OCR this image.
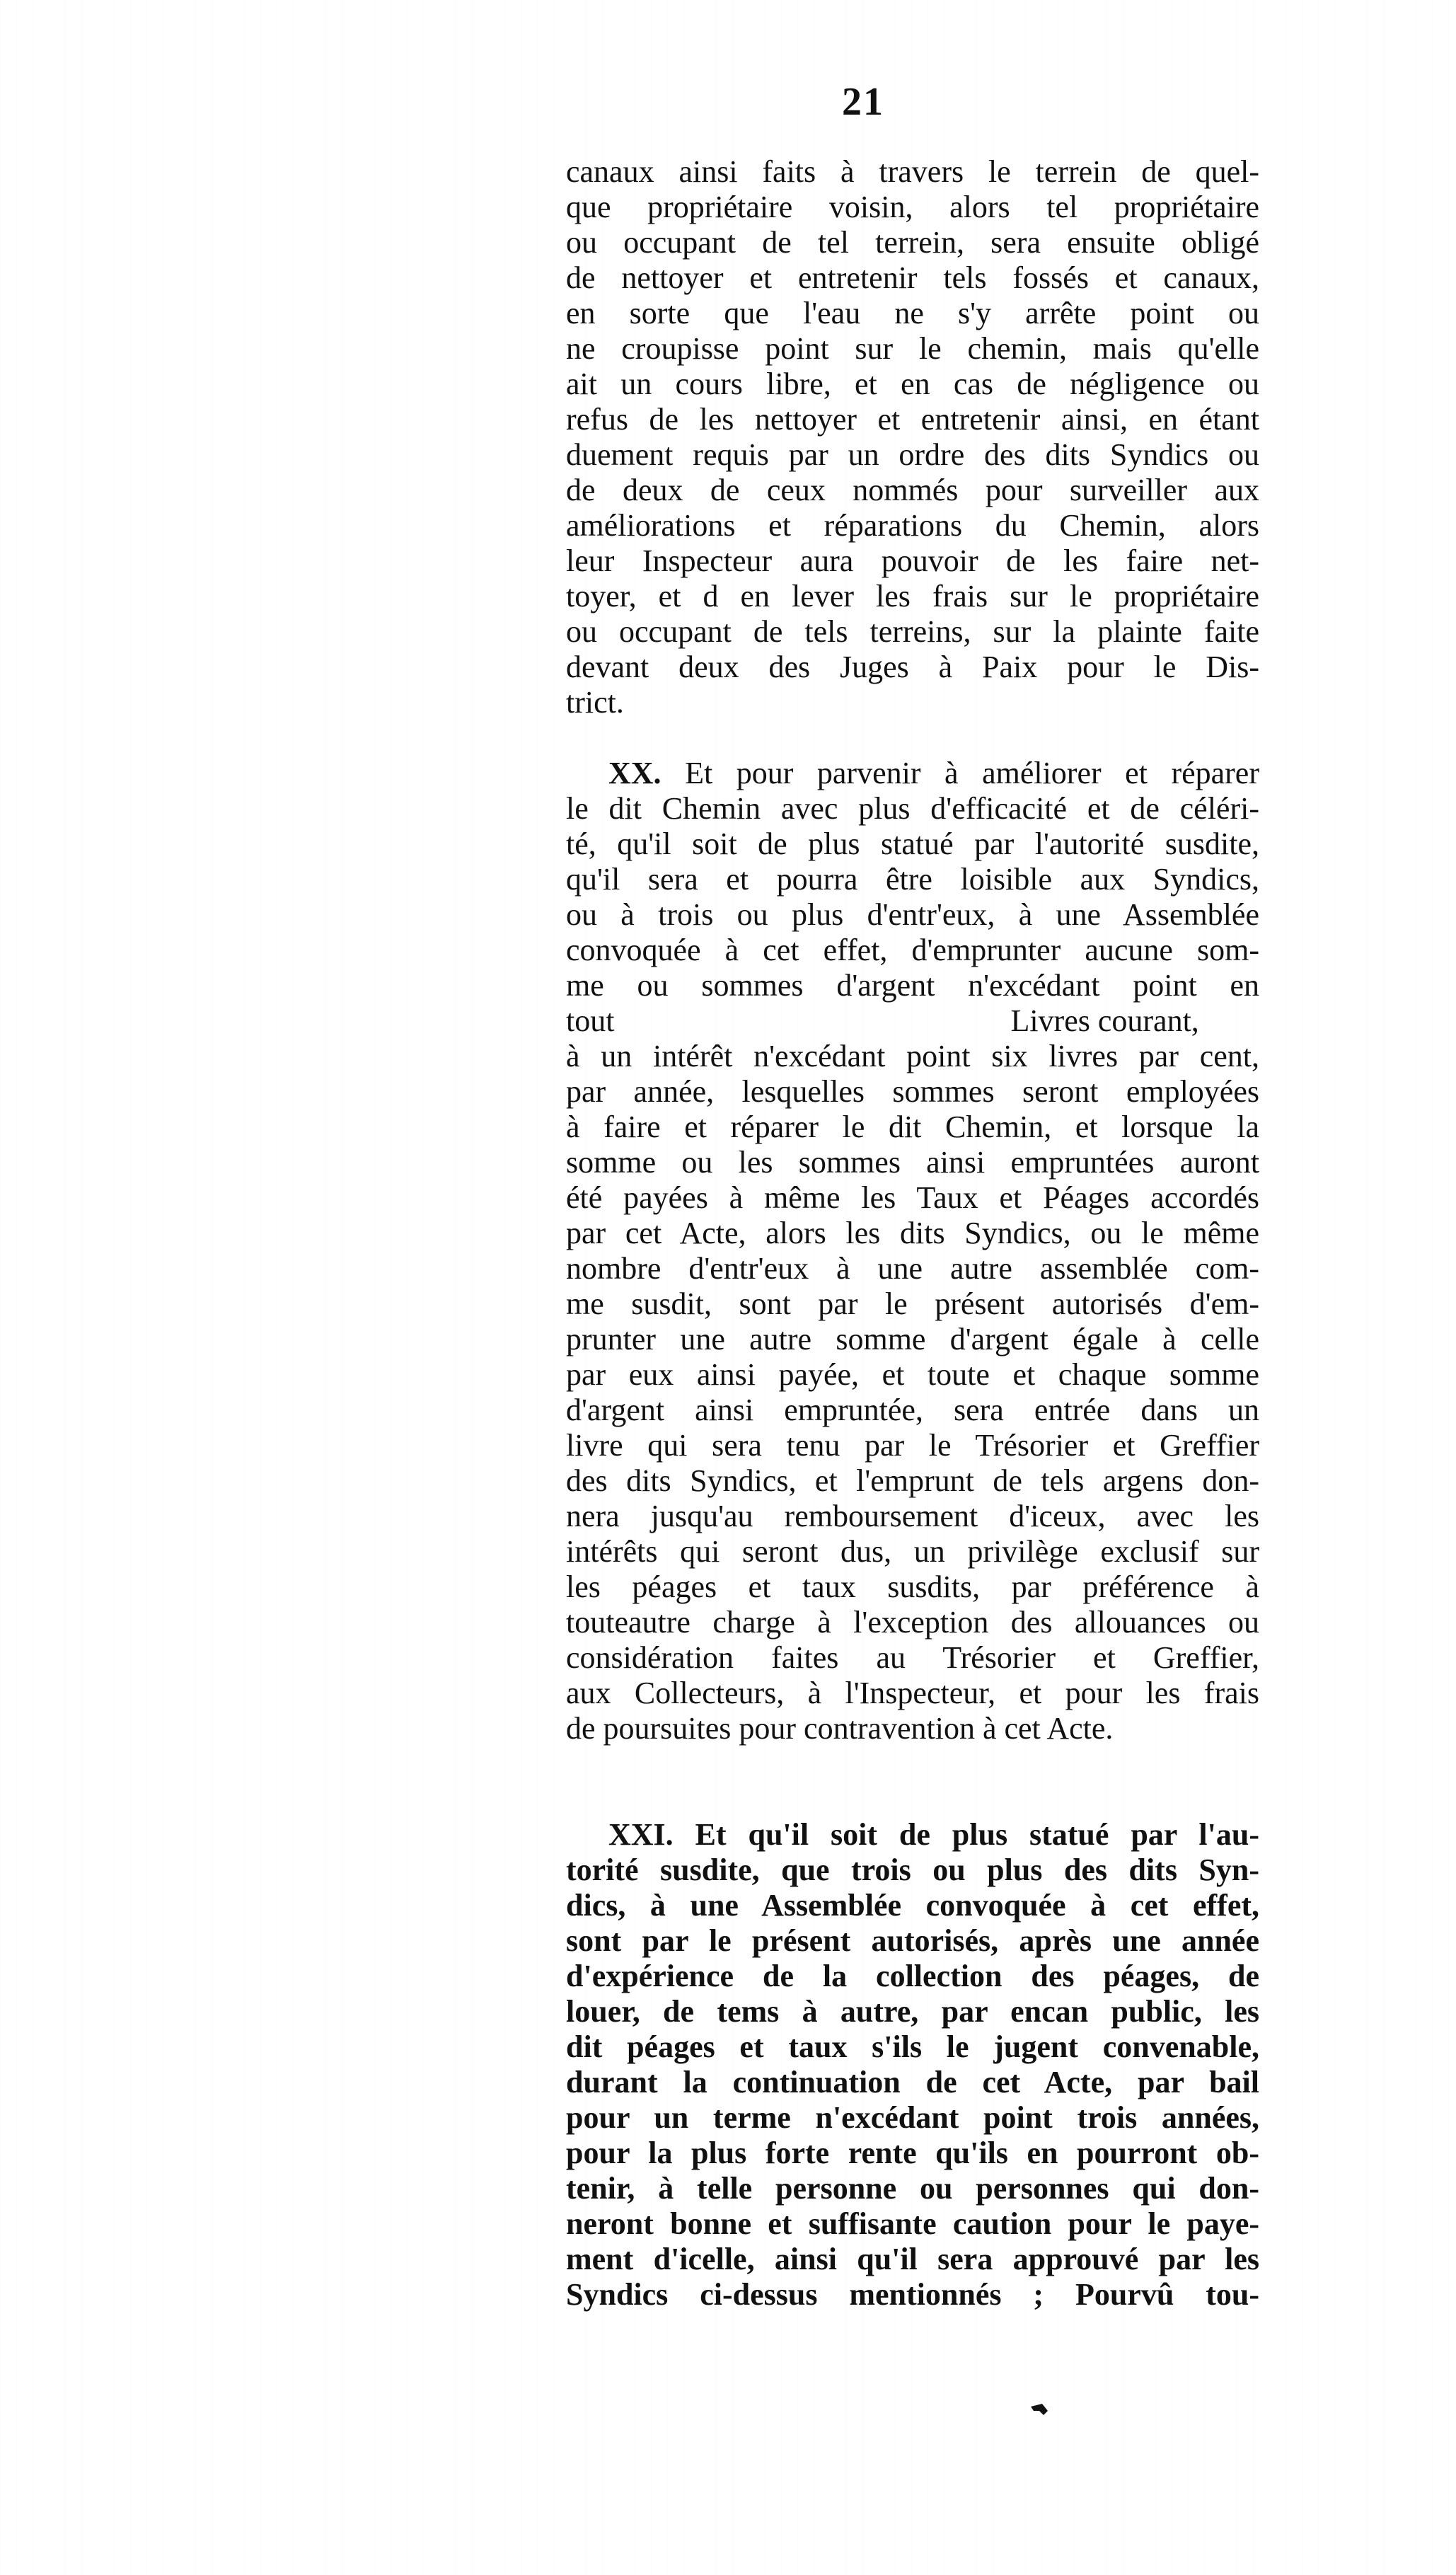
21
canaux ainsi faits à travers le terrein de quel-
que propriétaire voisin, alors tel propriétaire
ou occupant de tel terrein, sera ensuite obligé
de nettoyer et entretenir tels fossés et canaux,
en sorte que l'eau ne s'y arrête point ou
ne croupisse point sur le chemin, mais qu'elle
ait un cours libre, et en cas de négligence ou
refus de les nettoyer et entretenir ainsi, en étant
duement requis par un ordre des dits Syndics ou
de deux de ceux nommés pour surveiller aux
améliorations et réparations du Chemin, alors
leur Inspecteur aura pouvoir de les faire net-
toyer, et d en lever les frais sur le propriétaire
ou occupant de tels terreins, sur la plainte faite
devant deux des Juges à Paix pour le Dis-
trict.
XX. Et pour parvenir à améliorer et réparer
le dit Chemin avec plus d'efficacité et de célérі-
té, qu'il soit de plus statué par l'autorité susdite,
qu'il sera et pourra être loisible aux Syndics,
ou à trois ou plus d'entr'eux, à une Assemblée
convoquée à cet effet, d'emprunter aucune som-
me ou sommes d'argent n'excédant point en
tout	Livres courant,
à un intérêt n'excédant point six livres par cent,
par année, lesquelles sommes seront employées
à faire et réparer le dit Chemin, et lorsque la
somme ou les sommes ainsi empruntées auront
été payées à même les Taux et Péages accordés
par cet Acte, alors les dits Syndics, ou le même
nombre d'entr'eux à une autre assemblée com-
me susdit, sont par le présent autorisés d'em-
prunter une autre somme d'argent égale à celle
par eux ainsi payée, et toute et chaque somme
d'argent ainsi empruntée, sera entrée dans un
livre qui sera tenu par le Trésorier et Greffier
des dits Syndics, et l'emprunt de tels argens don-
nera jusqu'au remboursement d'iceux, avec les
intérêts qui seront dus, un privilège exclusif sur
les péages et taux susdits, par préférence à
touteautre charge à l'exception des allouances ou
considération faites au Trésorier et Greffier,
aux Collecteurs, à l'Inspecteur, et pour les frais
de poursuites pour contravention à cet Acte.
XXI. Et qu'il soit de plus statué par l'au-
torité susdite, que trois ou plus des dits Syn-
dics, à une Assemblée convoquée à cet effet,
sont par le présent autorisés, après une année
d'expérience de la collection des péages, de
louer, de tems à autre, par encan public, les
dit péages et taux s'ils le jugent convenable,
durant la continuation de cet Acte, par bail
pour un terme n'excédant point trois années,
pour la plus forte rente qu'ils en pourront ob-
tenir, à telle personne ou personnes qui don-
neront bonne et suffisante caution pour le paye-
ment d'icelle, ainsi qu'il sera approuvé par les
Syndics ci-dessus mentionnés ; Pourvû tou-
